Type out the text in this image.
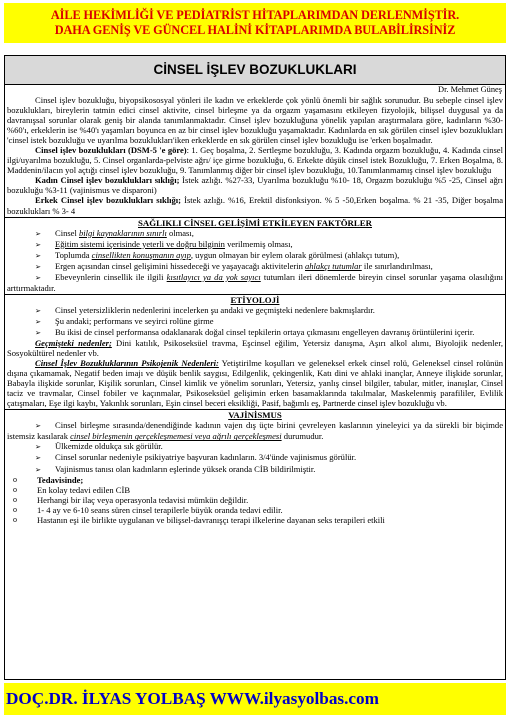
AİLE HEKİMLİĞİ VE PEDİATRİST HİTAPLARIMDAN DERLENMİŞTİR.
DAHA GENİŞ VE GÜNCEL HALİNİ KİTAPLARIMDA BULABİLİRSİNİZ
CİNSEL İŞLEV BOZUKLUKLARI
Dr. Mehmet Güneş

Cinsel işlev bozukluğu, biyopsikososyal yönleri ile kadın ve erkeklerde çok yönlü önemli bir sağlık sorunudur. Bu sebeple cinsel işlev bozuklukları, bireylerin tatmin edici cinsel aktivite, cinsel birleşme ya da orgazm yaşamasını etkileyen fizyolojik, bilişsel duygusal ya da davranışsal sorunlar olarak geniş bir alanda tanımlanmaktadır. Cinsel işlev bozukluğuna yönelik yapılan araştırmalara göre, kadınların %30-%60'ı, erkeklerin ise %40'ı yaşamları boyunca en az bir cinsel işlev bozukluğu yaşamaktadır. Kadınlarda en sık görülen cinsel işlev bozuklukları 'cinsel istek bozukluğu ve uyarılma bozuklukları'iken erkeklerde en sık görülen cinsel işlev bozukluğu ise 'erken boşalmadır.

Cinsel işlev bozuklukları (DSM-5 'e göre): 1. Geç boşalma, 2. Sertleşme bozukluğu, 3. Kadında orgazm bozukluğu, 4. Kadında cinsel ilgi/uyarılma bozukluğu, 5. Cinsel organlarda-pelviste ağrı/ içe girme bozukluğu, 6. Erkekte düşük cinsel istek Bozukluğu, 7. Erken Boşalma, 8. Maddenin/ilacın yol açtığı cinsel işlev bozukluğu, 9. Tanımlanmış diğer bir cinsel işlev bozukluğu, 10.Tanımlanmamış cinsel işlev bozukluğu

Kadın Cinsel işlev bozuklukları sıklığı; İstek azlığı. %27-33, Uyarılma bozukluğu %10- 18, Orgazm bozukluğu %5 -25, Cinsel ağrı bozukluğu %3-11 (vajinismus ve disparoni)

Erkek Cinsel işlev bozuklukları sıklığı; İstek azlığı. %16, Erektil disfonksiyon. % 5 -50,Erken boşalma. % 21 -35, Diğer boşalma bozuklukları % 3- 4

SAĞLIKLI CİNSEL GELİŞİMİ ETKİLEYEN FAKTÖRLER

➢ Cinsel bilgi kaynaklarının sınırlı olması,

➢ Eğitim sistemi içerisinde yeterli ve doğru bilginin verilmemiş olması,

➢ Toplumda cinsellikten konuşmanın ayıp, uygun olmayan bir eylem olarak görülmesi (ahlakçı tutum),

➢ Ergen açısından cinsel gelişimini hissedeceği ve yaşayacağı aktivitelerin ahlakçı tutumlar ile sınırlandırılması,

➢ Ebeveynlerin cinsellik ile ilgili kısıtlayıcı ya da yok sayıcı tutumları ileri dönemlerde bireyin cinsel sorunlar yaşama olasılığını arttırmaktadır.

ETİYOLOJİ

➢ Cinsel yetersizliklerin nedenlerini incelerken şu andaki ve geçmişteki nedenlere bakmışlardır.

➢ Şu andaki; performans ve seyirci rolüne girme

➢ Bu ikisi de cinsel performansa odaklanarak doğal cinsel tepkilerin ortaya çıkmasını engelleyen davranış örüntülerini içerir.

Geçmişteki nedenler; Dini katılık, Psikoseksüel travma, Eşcinsel eğilim, Yetersiz danışma, Aşırı alkol alımı, Biyolojik nedenler, Sosyokültürel nedenler vb.

Cinsel İşlev Bozukluklarının Psikojenik Nedenleri: Yetiştirilme koşulları ve geleneksel erkek cinsel rolü, Geleneksel cinsel rolünün dışına çıkamamak, Negatif beden imajı ve düşük benlik saygısı, Edilgenlik, çekingenlik, Katı dini ve ahlaki inançlar, Anneye ilişkide sorunlar, Babayla ilişkide sorunlar, Kişilik sorunları, Cinsel kimlik ve yönelim sorunları, Yetersiz, yanlış cinsel bilgiler, tabular, mitler, inanışlar, Cinsel taciz ve travmalar, Cinsel fobiler ve kaçınmalar, Psikoseksüel gelişimin erken basamaklarında takılmalar, Maskelenmiş parafililer, Evlilik çatışmaları, Eşe ilgi kaybı, Yakınlık sorunları, Eşin cinsel beceri eksikliği, Pasif, bağımlı eş, Partnerde cinsel işlev bozukluğu vb.

VAJİNİSMUS

➢ Cinsel birleşme sırasında/denendiğinde kadının vajen dış üçte birini çevreleyen kaslarının yineleyici ya da sürekli bir biçimde istemsiz kasılarak cinsel birleşmenin gerçekleşmemesi veya ağrılı gerçekleşmesi durumudur.

➢ Ülkemizde oldukça sık görülür.

➢ Cinsel sorunlar nedeniyle psikiyatriye başvuran kadınların. 3/4'ünde vajinismus görülür.

➢ Vajinismus tanısı olan kadınların eşlerinde yüksek oranda CİB bildirilmiştir.

o	Tedavisinde;
o	En kolay tedavi edilen CİB
o	Herhangi bir ilaç veya operasyonla tedavisi mümkün değildir.
o	1- 4 ay ve 6-10 seans süren cinsel terapilerle büyük oranda tedavi edilir.
o	Hastanın eşi ile birlikte uygulanan ve bilişsel-davranışçı terapi ilkelerine dayanan seks terapileri etkili
DOÇ.DR. İLYAS YOLBAŞ WWW.ilyasyolbas.com
